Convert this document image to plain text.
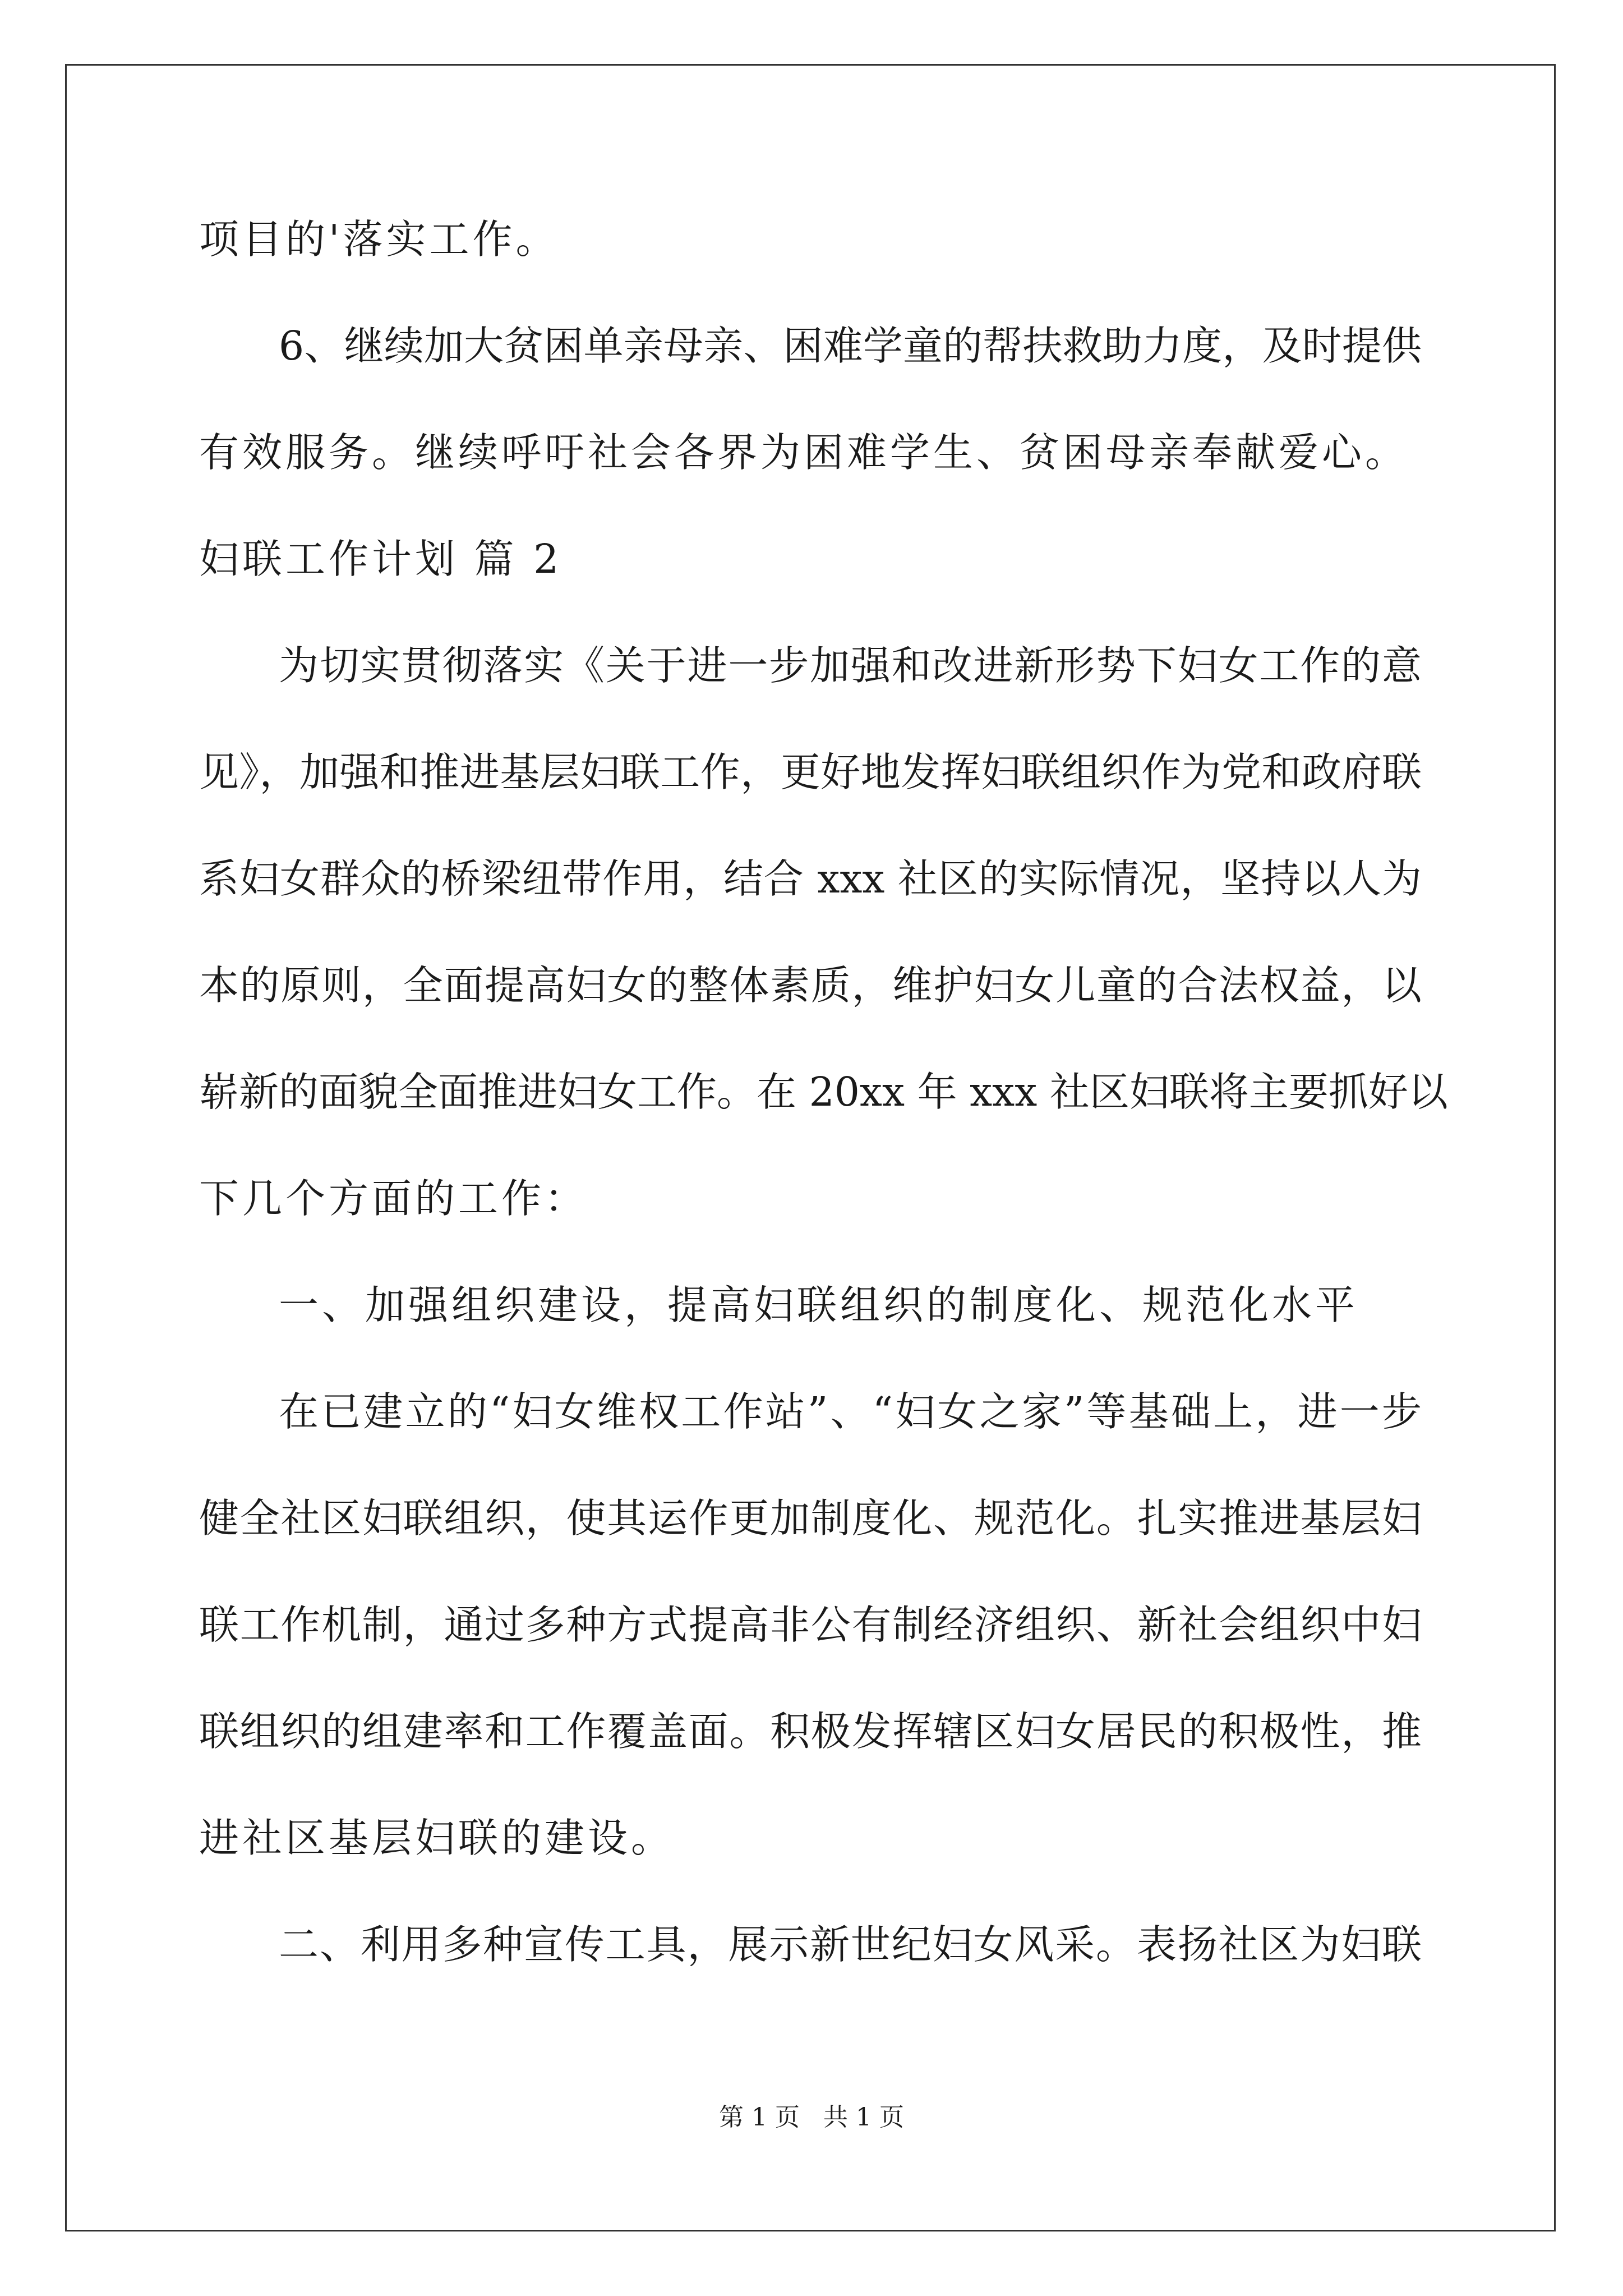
项目的'落实工作。
6、继续加大贫困单亲母亲、困难学童的帮扶救助力度，及时提供
有效服务。继续呼吁社会各界为困难学生、贫困母亲奉献爱心。
妇联工作计划 篇 2
为切实贯彻落实《关于进一步加强和改进新形势下妇女工作的意
见》，加强和推进基层妇联工作，更好地发挥妇联组织作为党和政府联
系妇女群众的桥梁纽带作用，结合 xxx 社区的实际情况，坚持以人为
本的原则，全面提高妇女的整体素质，维护妇女儿童的合法权益，以
崭新的面貌全面推进妇女工作。在 20xx 年 xxx 社区妇联将主要抓好以
下几个方面的工作：
一、加强组织建设，提高妇联组织的制度化、规范化水平
在已建立的“妇女维权工作站”、“妇女之家”等基础上，进一步
健全社区妇联组织，使其运作更加制度化、规范化。扎实推进基层妇
联工作机制，通过多种方式提高非公有制经济组织、新社会组织中妇
联组织的组建率和工作覆盖面。积极发挥辖区妇女居民的积极性，推
进社区基层妇联的建设。
二、利用多种宣传工具，展示新世纪妇女风采。表扬社区为妇联
第 1 页 共 1 页
